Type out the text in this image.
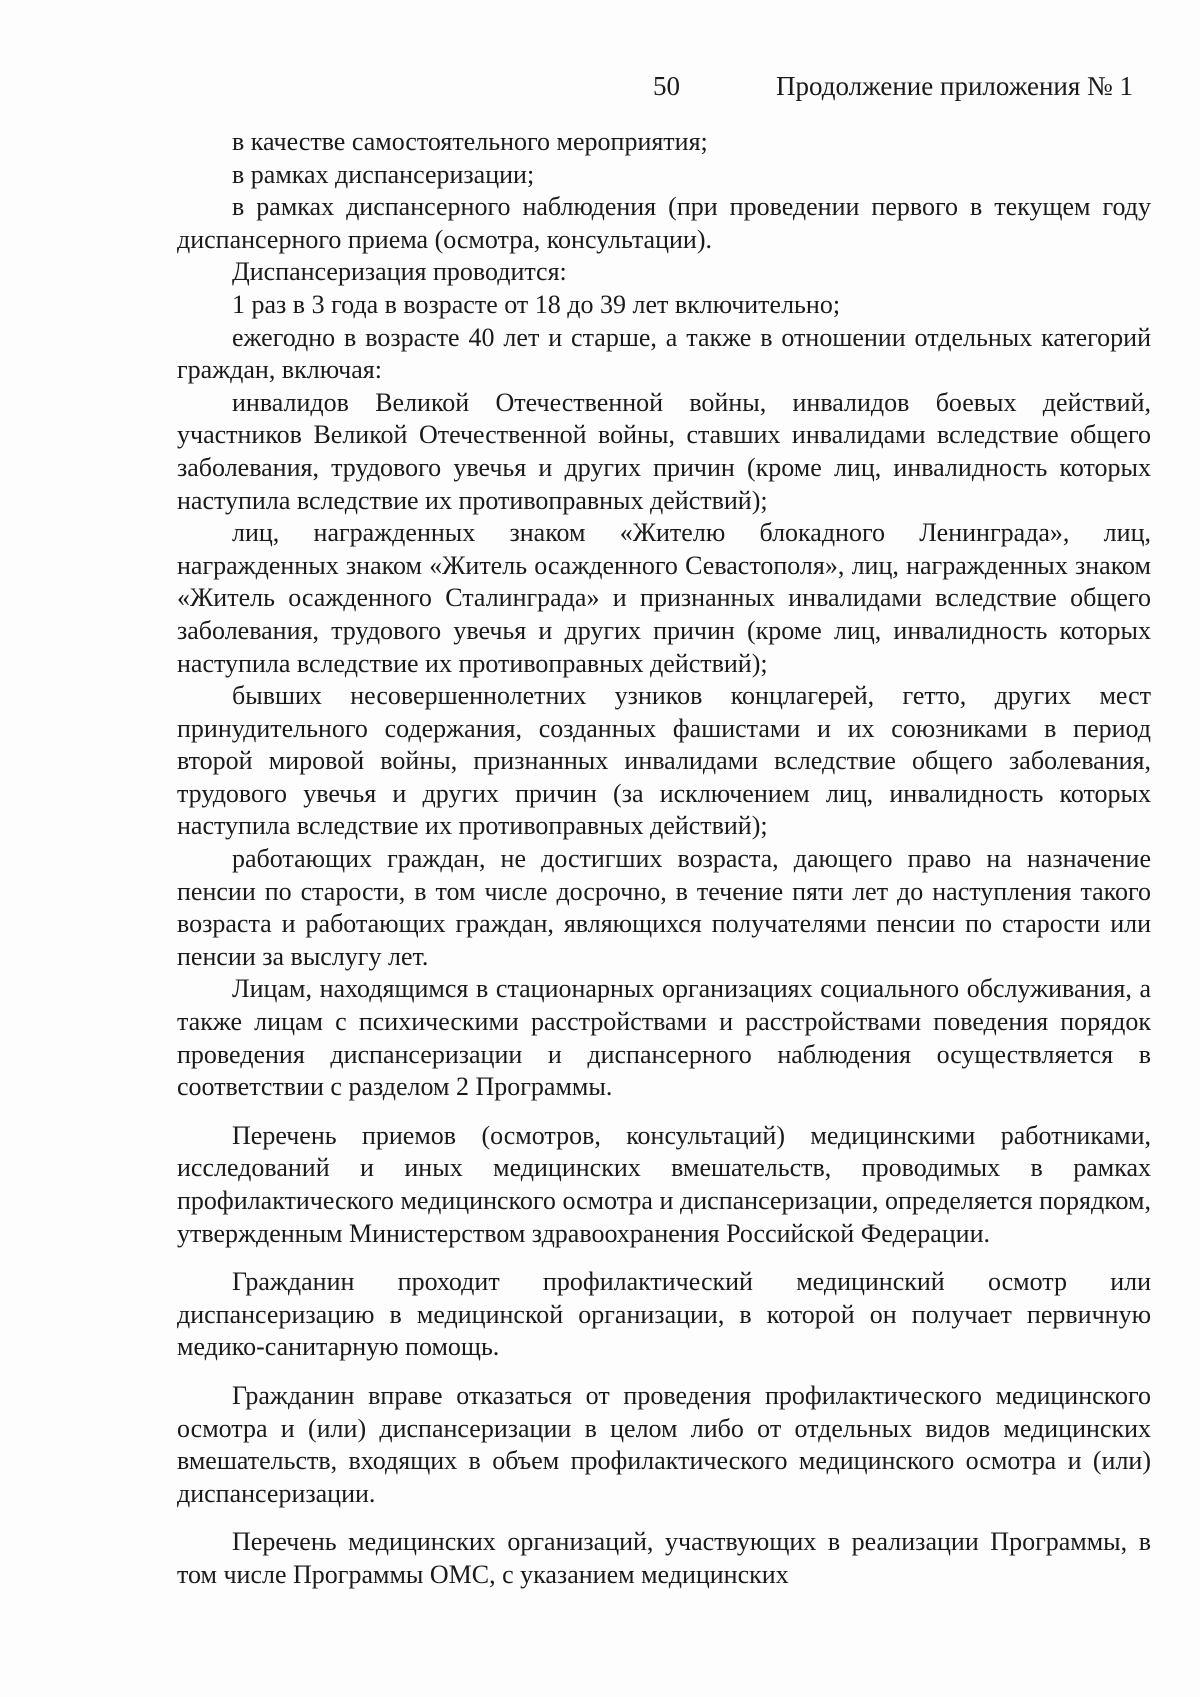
50	Продолжение приложения № 1

в качестве самостоятельного мероприятия;

в рамках диспансеризации;

в рамках диспансерного наблюдения (при проведении первого в текущем году диспансерного приема (осмотра, консультации).

Диспансеризация проводится:

1 раз в 3 года в возрасте от 18 до 39 лет включительно;

ежегодно в возрасте 40 лет и старше, а также в отношении отдельных категорий граждан, включая:

инвалидов Великой Отечественной войны, инвалидов боевых действий, участников Великой Отечественной войны, ставших инвалидами вследствие общего заболевания, трудового увечья и других причин (кроме лиц, инвалидность которых наступила вследствие их противоправных действий);

лиц, награжденных знаком «Жителю блокадного Ленинграда», лиц, награжденных знаком «Житель осажденного Севастополя», лиц, награжденных знаком «Житель осажденного Сталинграда» и признанных инвалидами вследствие общего заболевания, трудового увечья и других причин (кроме лиц, инвалидность которых наступила вследствие их противоправных действий);

бывших несовершеннолетних узников концлагерей, гетто, других мест принудительного содержания, созданных фашистами и их союзниками в период второй мировой войны, признанных инвалидами вследствие общего заболевания, трудового увечья и других причин (за исключением лиц, инвалидность которых наступила вследствие их противоправных действий);

работающих граждан, не достигших возраста, дающего право на назначение пенсии по старости, в том числе досрочно, в течение пяти лет до наступления такого возраста и работающих граждан, являющихся получателями пенсии по старости или пенсии за выслугу лет.

Лицам, находящимся в стационарных организациях социального обслуживания, а также лицам с психическими расстройствами и расстройствами поведения порядок проведения диспансеризации и диспансерного наблюдения осуществляется в соответствии с разделом 2 Программы.

Перечень приемов (осмотров, консультаций) медицинскими работниками, исследований и иных медицинских вмешательств, проводимых в рамках профилактического медицинского осмотра и диспансеризации, определяется порядком, утвержденным Министерством здравоохранения Российской Федерации.

Гражданин проходит профилактический медицинский осмотр или диспансеризацию в медицинской организации, в которой он получает первичную медико-санитарную помощь.

Гражданин вправе отказаться от проведения профилактического медицинского осмотра и (или) диспансеризации в целом либо от отдельных видов медицинских вмешательств, входящих в объем профилактического медицинского осмотра и (или) диспансеризации.

Перечень медицинских организаций, участвующих в реализации Программы, в том числе Программы ОМС, с указанием медицинских
